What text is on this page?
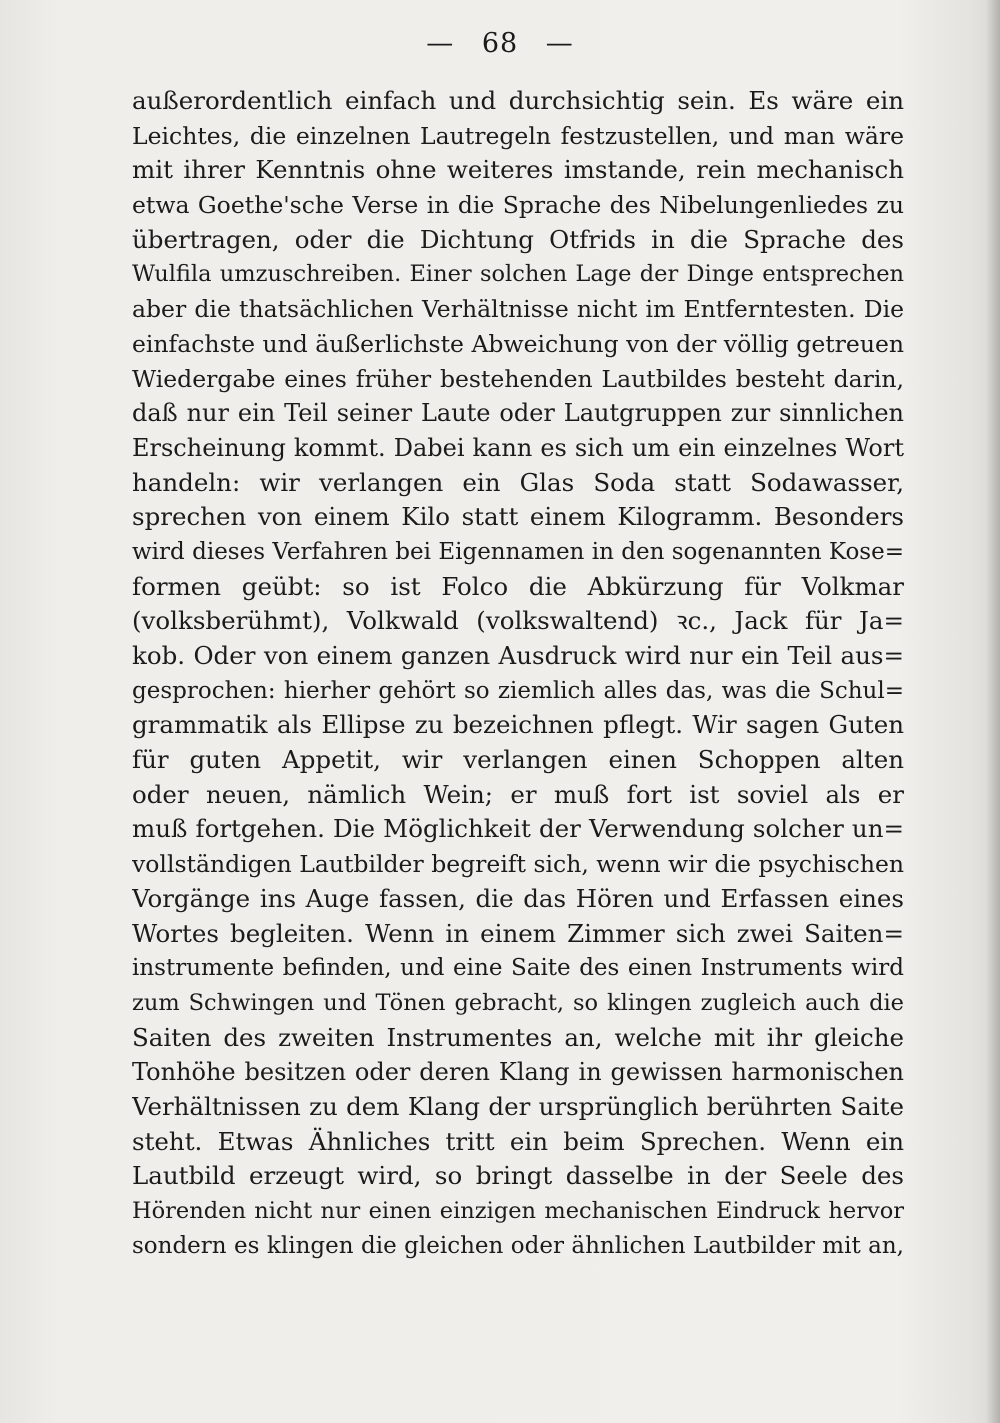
— 68 —
außerordentlich einfach und durchsichtig sein. Es wäre ein
Leichtes, die einzelnen Lautregeln festzustellen, und man wäre
mit ihrer Kenntnis ohne weiteres imstande, rein mechanisch
etwa Goethe'sche Verse in die Sprache des Nibelungenliedes zu
übertragen, oder die Dichtung Otfrids in die Sprache des
Wulfila umzuschreiben. Einer solchen Lage der Dinge entsprechen
aber die thatsächlichen Verhältnisse nicht im Entferntesten. Die
einfachste und äußerlichste Abweichung von der völlig getreuen
Wiedergabe eines früher bestehenden Lautbildes besteht darin,
daß nur ein Teil seiner Laute oder Lautgruppen zur sinnlichen
Erscheinung kommt. Dabei kann es sich um ein einzelnes Wort
handeln: wir verlangen ein Glas Soda statt Sodawasser,
sprechen von einem Kilo statt einem Kilogramm. Besonders
wird dieses Verfahren bei Eigennamen in den sogenannten Kose=
formen geübt: so ist Folco die Abkürzung für Volkmar
(volksberühmt), Volkwald (volkswaltend) ꝛc., Jack für Ja=
kob. Oder von einem ganzen Ausdruck wird nur ein Teil aus=
gesprochen: hierher gehört so ziemlich alles das, was die Schul=
grammatik als Ellipse zu bezeichnen pflegt. Wir sagen Guten
für guten Appetit, wir verlangen einen Schoppen alten
oder neuen, nämlich Wein; er muß fort ist soviel als er
muß fortgehen. Die Möglichkeit der Verwendung solcher un=
vollständigen Lautbilder begreift sich, wenn wir die psychischen
Vorgänge ins Auge fassen, die das Hören und Erfassen eines
Wortes begleiten. Wenn in einem Zimmer sich zwei Saiten=
instrumente befinden, und eine Saite des einen Instruments wird
zum Schwingen und Tönen gebracht, so klingen zugleich auch die
Saiten des zweiten Instrumentes an, welche mit ihr gleiche
Tonhöhe besitzen oder deren Klang in gewissen harmonischen
Verhältnissen zu dem Klang der ursprünglich berührten Saite
steht. Etwas Ähnliches tritt ein beim Sprechen. Wenn ein
Lautbild erzeugt wird, so bringt dasselbe in der Seele des
Hörenden nicht nur einen einzigen mechanischen Eindruck hervor
sondern es klingen die gleichen oder ähnlichen Lautbilder mit an,
